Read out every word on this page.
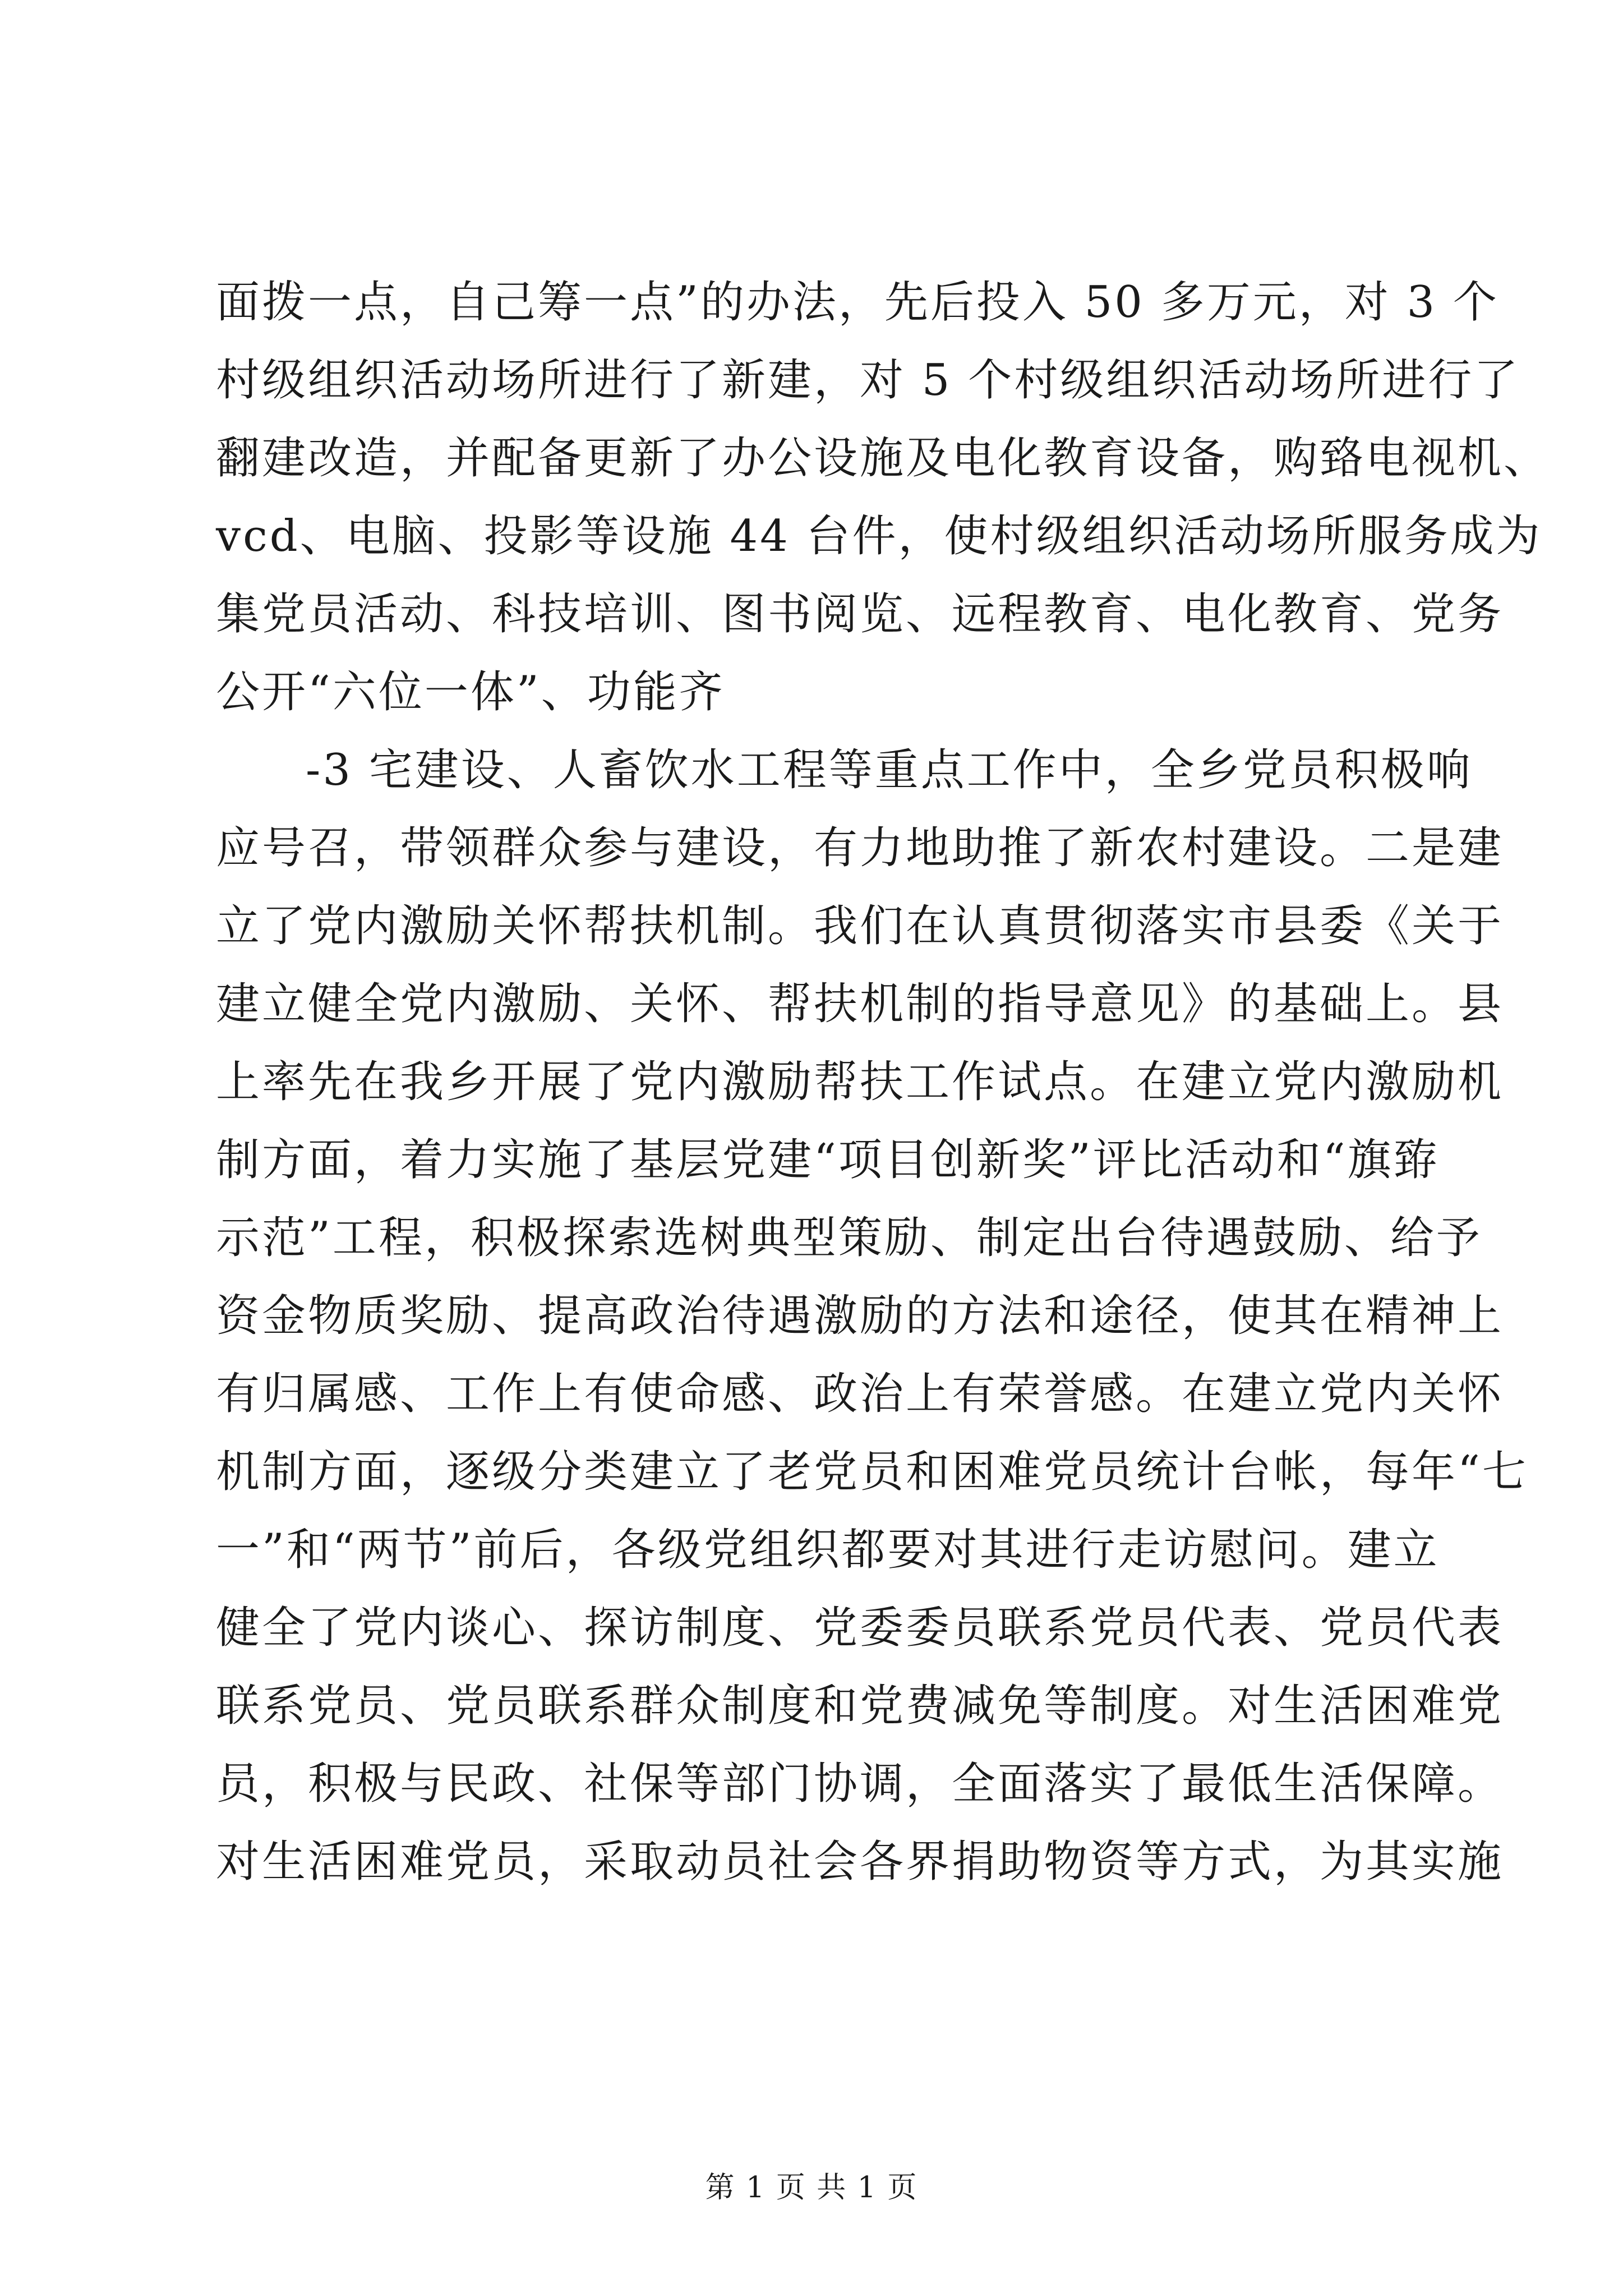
面拨一点，自己筹一点”的办法，先后投入 50 多万元，对 3 个
村级组织活动场所进行了新建，对 5 个村级组织活动场所进行了
翻建改造，并配备更新了办公设施及电化教育设备，购臵电视机、
vcd、电脑、投影等设施 44 台件，使村级组织活动场所服务成为
集党员活动、科技培训、图书阅览、远程教育、电化教育、党务
公开“六位一体”、功能齐
-3 宅建设、人畜饮水工程等重点工作中，全乡党员积极响
应号召，带领群众参与建设，有力地助推了新农村建设。二是建
立了党内激励关怀帮扶机制。我们在认真贯彻落实市县委《关于
建立健全党内激励、关怀、帮扶机制的指导意见》的基础上。县
上率先在我乡开展了党内激励帮扶工作试点。在建立党内激励机
制方面，着力实施了基层党建“项目创新奖”评比活动和“旗臶
示范”工程，积极探索选树典型策励、制定出台待遇鼓励、给予
资金物质奖励、提高政治待遇激励的方法和途径，使其在精神上
有归属感、工作上有使命感、政治上有荣誉感。在建立党内关怀
机制方面，逐级分类建立了老党员和困难党员统计台帐，每年“七
一”和“两节”前后，各级党组织都要对其进行走访慰问。建立
健全了党内谈心、探访制度、党委委员联系党员代表、党员代表
联系党员、党员联系群众制度和党费减免等制度。对生活困难党
员，积极与民政、社保等部门协调，全面落实了最低生活保障。
对生活困难党员，采取动员社会各界捐助物资等方式，为其实施
第 1 页 共 1 页
